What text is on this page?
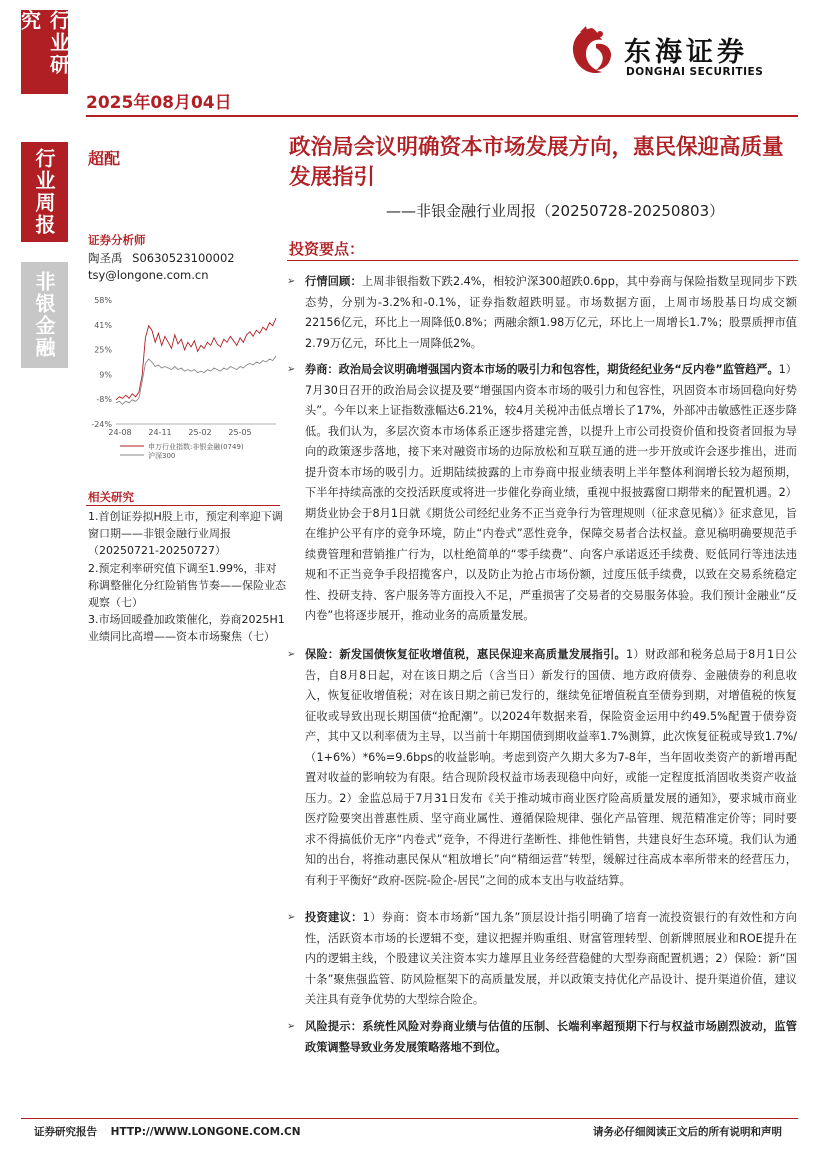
行业研究
行业周报
非银金融
2025年08月04日
东海证券
DONGHAI SECURITIES
超配	政治局会议明确资本市场发展方向，惠民保迎高质量发展指引
——非银金融行业周报（20250728-20250803）
证券分析师
陶圣禹 S0630523100002
tsy@longone.com.cn
58%
41%
25%
9%
-8%
-24%
24-08 24-11 25-02 25-05
申万行业指数:非银金融(0749)
沪深300
相关研究
1.首创证券拟H股上市，预定利率迎下调窗口期——非银金融行业周报（20250721-20250727）
2.预定利率研究值下调至1.99%，非对称调整催化分红险销售节奏——保险业态观察（七）
3.市场回暖叠加政策催化，券商2025H1业绩同比高增——资本市场聚焦（七）
投资要点：
➢ 行情回顾：上周非银指数下跌2.4%，相较沪深300超跌0.6pp，其中券商与保险指数呈现同步下跌态势，分别为-3.2%和-0.1%，证券指数超跌明显。市场数据方面，上周市场股基日均成交额22156亿元，环比上一周降低0.8%；两融余额1.98万亿元，环比上一周增长1.7%；股票质押市值2.79万亿元，环比上一周降低2%。
➢ 券商：政治局会议明确增强国内资本市场的吸引力和包容性，期货经纪业务“反内卷”监管趋严。1）7月30日召开的政治局会议提及要“增强国内资本市场的吸引力和包容性，巩固资本市场回稳向好势头”。今年以来上证指数涨幅达6.21%，较4月关税冲击低点增长了17%，外部冲击敏感性正逐步降低。我们认为，多层次资本市场体系正逐步搭建完善，以提升上市公司投资价值和投资者回报为导向的政策逐步落地，接下来对融资市场的边际放松和互联互通的进一步开放或许会逐步推出，进而提升资本市场的吸引力。近期陆续披露的上市券商中报业绩表明上半年整体利润增长较为超预期，下半年持续高涨的交投活跃度或将进一步催化券商业绩，重视中报披露窗口期带来的配置机遇。2）期货业协会于8月1日就《期货公司经纪业务不正当竞争行为管理规则（征求意见稿）》征求意见，旨在维护公平有序的竞争环境，防止“内卷式”恶性竞争，保障交易者合法权益。意见稿明确要规范手续费管理和营销推广行为，以杜绝简单的“零手续费”、向客户承诺返还手续费、贬低同行等违法违规和不正当竞争手段招揽客户，以及防止为抢占市场份额，过度压低手续费，以致在交易系统稳定性、投研支持、客户服务等方面投入不足，严重损害了交易者的交易服务体验。我们预计金融业“反内卷”也将逐步展开，推动业务的高质量发展。
➢ 保险：新发国债恢复征收增值税，惠民保迎来高质量发展指引。1）财政部和税务总局于8月1日公告，自8月8日起，对在该日期之后（含当日）新发行的国债、地方政府债券、金融债券的利息收入，恢复征收增值税；对在该日期之前已发行的，继续免征增值税直至债券到期，对增值税的恢复征收或导致出现长期国债“抢配潮”。以2024年数据来看，保险资金运用中约49.5%配置于债券资产，其中又以利率债为主导，以当前十年期国债到期收益率1.7%测算，此次恢复征税或导致1.7%/（1+6%）*6%=9.6bps的收益影响。考虑到资产久期大多为7-8年，当年固收类资产的新增再配置对收益的影响较为有限。结合现阶段权益市场表现稳中向好，或能一定程度抵消固收类资产收益压力。2）金监总局于7月31日发布《关于推动城市商业医疗险高质量发展的通知》，要求城市商业医疗险要突出普惠性质、坚守商业属性、遵循保险规律、强化产品管理、规范精准定价等；同时要求不得搞低价无序“内卷式”竞争，不得进行垄断性、排他性销售，共建良好生态环境。我们认为通知的出台，将推动惠民保从“粗放增长”向“精细运营”转型，缓解过往高成本率所带来的经营压力，有利于平衡好“政府-医院-险企-居民”之间的成本支出与收益结算。
➢ 投资建议：1）券商：资本市场新“国九条”顶层设计指引明确了培育一流投资银行的有效性和方向性，活跃资本市场的长逻辑不变，建议把握并购重组、财富管理转型、创新牌照展业和ROE提升在内的逻辑主线，个股建议关注资本实力雄厚且业务经营稳健的大型券商配置机遇；2）保险：新“国十条”聚焦强监管、防风险框架下的高质量发展，并以政策支持优化产品设计、提升渠道价值，建议关注具有竞争优势的大型综合险企。
➢ 风险提示：系统性风险对券商业绩与估值的压制、长端利率超预期下行与权益市场剧烈波动，监管政策调整导致业务发展策略落地不到位。
证券研究报告 HTTP://WWW.LONGONE.COM.CN	请务必仔细阅读正文后的所有说明和声明
